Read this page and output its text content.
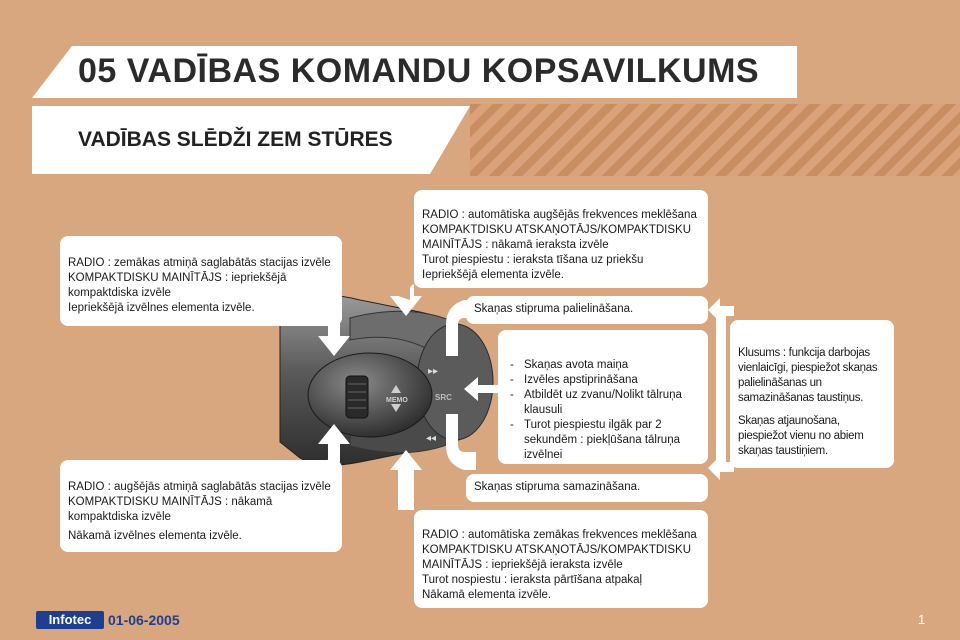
05 VADĪBAS KOMANDU KOPSAVILKUMS
VADĪBAS SLĒDŽI ZEM STŪRES
MEMO	SRC
▸▸
◂◂

RADIO : zemākas atmiņā saglabātās stacijas izvēle

KOMPAKTDISKU MAINĪTĀJS : iepriekšējā kompaktdiska izvēle

Iepriekšējā izvēlnes elementa izvēle.

RADIO : augšējās atmiņā saglabātās stacijas izvēle

KOMPAKTDISKU MAINĪTĀJS : nākamā kompaktdiska izvēle

Nākamā izvēlnes elementa izvēle.

RADIO : automātiska augšējās frekvences meklēšana

KOMPAKTDISKU ATSKAŅOTĀJS/KOMPAKTDISKU MAINĪTĀJS : nākamā ieraksta izvēle

Turot piespiestu : ieraksta tīšana uz priekšu

Iepriekšējā elementa izvēle.

Skaņas stipruma palielināšana.

- Skaņas avota maiņa
- Izvēles apstiprināšana
- Atbildēt uz zvanu/Nolikt tālruņa klausuli
- Turot piespiestu ilgāk par 2 sekundēm : piekļūšana tālruņa izvēlnei

Skaņas stipruma samazināšana.

RADIO : automātiska zemākas frekvences meklēšana

KOMPAKTDISKU ATSKAŅOTĀJS/KOMPAKTDISKU MAINĪTĀJS : iepriekšējā ieraksta izvēle

Turot nospiestu : ieraksta pārtīšana atpakaļ

Nākamā elementa izvēle.

Klusums : funkcija darbojas vienlaicīgi, piespiežot skaņas palielināšanas un samazināšanas taustiņus.

Skaņas atjaunošana, piespiežot vienu no abiem skaņas taustiņiem.

Infotec	01-06-2005	1
